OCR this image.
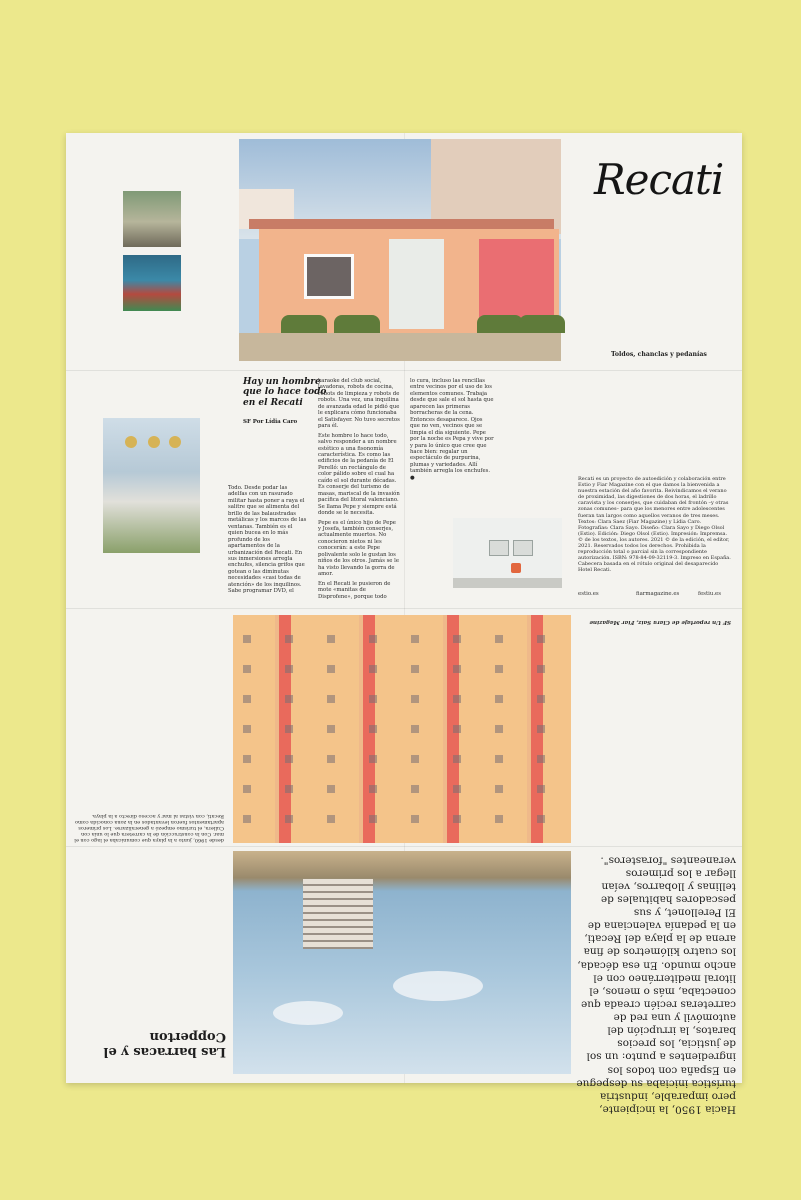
Recati
Toldos, chanclas y pedanías
Hay un hombre
que lo hace todo
en el Recati
SF Por Lídia Caro
Todo. Desde podar las adelfas con un rasurado militar hasta poner a raya el salitre que se alimenta del brillo de las balaustradas metálicas y los marcos de las ventanas. También es el quien bucea en lo más profundo de los apartamentos de la urbanización del Recati. En sus inmersiones arregla enchufes, silencia grifos que gotean o las diminutas necesidades «casi todas de atención» de los inquilinos. Sabe programar DVD, el

karaoke del club social, lavadoras, robots de cocina, robots de limpieza y robots de robots. Una vez, una inquilina de avanzada edad le pidió que le explicara cómo funcionaba el Satisfayer. No tuvo secretos para él.

Este hombre lo hace todo, salvo responder a un nombre estético a una fisonomía característica. Es como las edificios de la pedanía de El Perelló: un rectángulo de color pálido sobre el cual ha caído el sol durante décadas. Es conserje del turismo de masas, mariscal de la invasión pacífica del litoral valenciano. Se llama Pepe y siempre está donde se le necesita.

Pepe es el único hijo de Pepe y Josefa, también conserjes, actualmente muertos. No conocieron nietos ni les conocerán: a este Pepe polivalente solo le gustan los niños de los otros. Jamás se le ha visto llevando la gorra de amor.

En el Recati le pusieron de mote «manitas de Disprofene», porque todo

lo cura, incluso las rencillas entre vecinos por el uso de los elementos comunes. Trabaja desde que sale el sol hasta que aparecen las primeras borracheras de la cena. Entonces desaparece. Ojos que no ven, vecinos que se limpia el día siguiente. Pepe por la noche es Pepa y vive por y para lo único que cree que hace bien: regalar un espectáculo de purpurina, plumas y variedades. Allí también arregla los enchufes. ●	Recati es un proyecto de autoedición y colaboración entre Estio y Fiar Magazine con el que damos la bienvenida a nuestra estación del año favorita. Reivindicamos el verano de proximidad, las digestiones de dos horas, el ladrillo caravista y los conserjes, que cuidaban del frontón –y otras zonas comunes– para que los menores entre adolescentes fueran tan largos como aquellos veranos de tres meses. Textos: Clara Saez (Fiar Magazine) y Lídia Caro. Fotografías: Clara Sayo. Diseño: Clara Sayo y Diego Olsol (Estio). Edición: Diego Olsol (Estio). Impresión: Impremsa. © de los textos, los autores. 2021 © de la edición, el editor, 2021. Reservados todos los derechos. Prohibida la reproducción total o parcial sin la correspondiente autorización. ISBN: 978-84-09-32119-3. Impreso en España. Cabecera basada en el rótulo original del desaparecido Hotel Recati.
estio.es	fiarmagazine.es	festiu.es
SF Un reportaje de Clara Saiz, Fiar Magazine
desde 1960, junto a la playa que comunicaba el lago con el mar. Con la construcción de la carretera que lo unía con Cullera, el turismo empezó a generalizarse. Los primeros apartamentos fueron levantados en la zona conocida como Recati, con vistas al mar y acceso directo a la playa.
Hacia 1950, la incipiente, pero imparable, industria turística iniciaba su despegue en España con todos los ingredientes a punto: un sol de justicia, los precios baratos, la irrupción del automóvil y una red de carreteras recién creada que conectaba, más o menos, el litoral mediterráneo con el ancho mundo. En esa década, los cuatro kilómetros de fina arena de la playa del Recati, en la pedanía valenciana de El Perellonet, y sus pescadores habituales de tellinas y llobarros, veían llegar a los primeros veraneantes "forasteros".
Las barracas y el Copperton
